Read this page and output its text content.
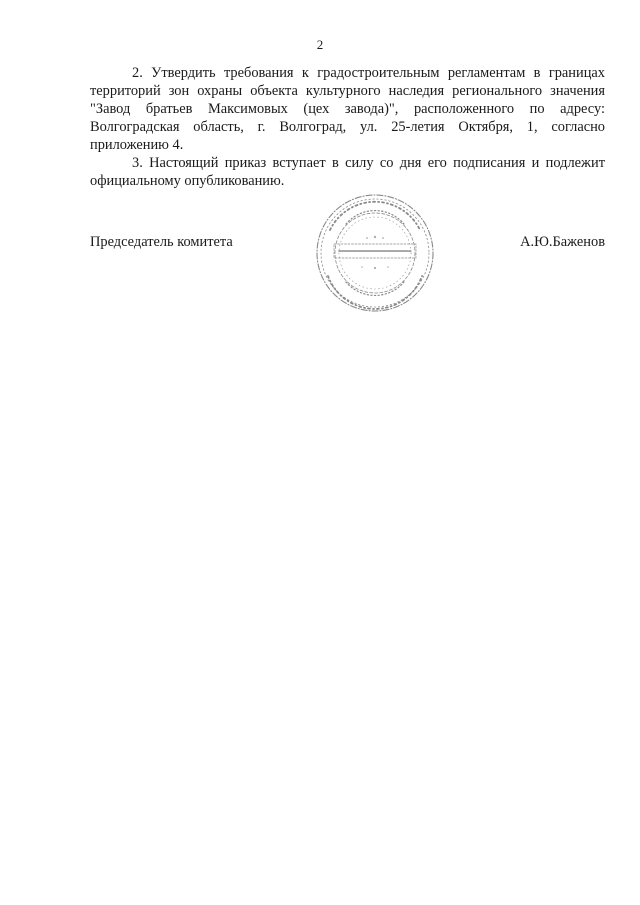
2

2. Утвердить требования к градостроительным регламентам в границах территорий зон охраны объекта культурного наследия регионального значения "Завод братьев Максимовых (цех завода)", расположенного по адресу: Волгоградская область, г. Волгоград, ул. 25-летия Октября, 1, согласно приложению 4.

3. Настоящий приказ вступает в силу со дня его подписания и подлежит официальному опубликованию.

Председатель комитета	А.Ю.Баженов
